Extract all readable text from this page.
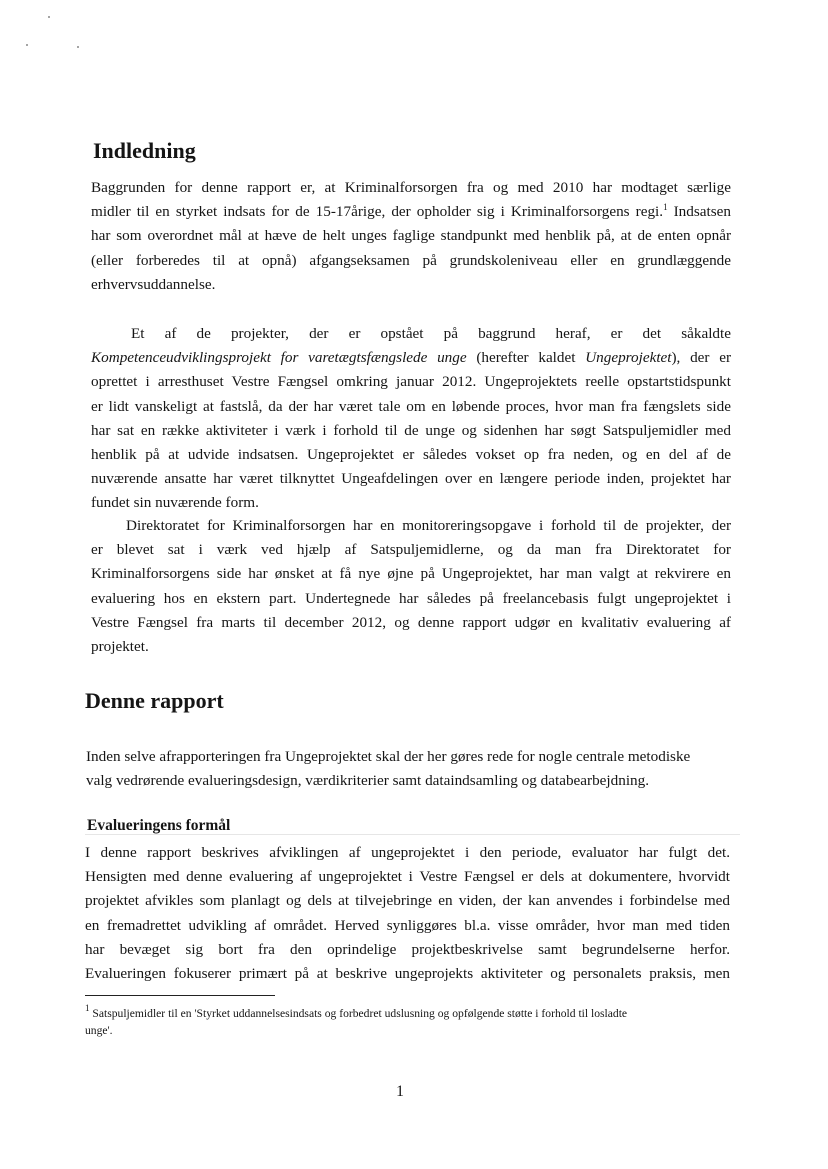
Indledning
Baggrunden for denne rapport er, at Kriminalforsorgen fra og med 2010 har modtaget særlige
midler til en styrket indsats for de 15-17årige, der opholder sig i Kriminalforsorgens regi.$^1$ Indsatsen
har som overordnet mål at hæve de helt unges faglige standpunkt med henblik på, at de enten opnår
(eller forberedes til at opnå) afgangseksamen på grundskoleniveau eller en grundlæggende
erhvervsuddannelse.
Et af de projekter, der er opstået på baggrund heraf, er det såkaldte
Kompetenceudviklingsprojekt for varetægtsfængslede unge (herefter kaldet Ungeprojektet), der er
oprettet i arresthuset Vestre Fængsel omkring januar 2012. Ungeprojektets reelle opstartstidspunkt
er lidt vanskeligt at fastslå, da der har været tale om en løbende proces, hvor man fra fængslets side
har sat en række aktiviteter i værk i forhold til de unge og sidenhen har søgt Satspuljemidler med
henblik på at udvide indsatsen. Ungeprojektet er således vokset op fra neden, og en del af de
nuværende ansatte har været tilknyttet Ungeafdelingen over en længere periode inden, projektet har
fundet sin nuværende form.
Direktoratet for Kriminalforsorgen har en monitoreringsopgave i forhold til de projekter, der
er blevet sat i værk ved hjælp af Satspuljemidlerne, og da man fra Direktoratet for
Kriminalforsorgens side har ønsket at få nye øjne på Ungeprojektet, har man valgt at rekvirere en
evaluering hos en ekstern part. Undertegnede har således på freelancebasis fulgt ungeprojektet i
Vestre Fængsel fra marts til december 2012, og denne rapport udgør en kvalitativ evaluering af
projektet.
Denne rapport
Inden selve afrapporteringen fra Ungeprojektet skal der her gøres rede for nogle centrale metodiske
valg vedrørende evalueringsdesign, værdikriterier samt dataindsamling og databearbejdning.
Evalueringens formål
I denne rapport beskrives afviklingen af ungeprojektet i den periode, evaluator har fulgt det.
Hensigten med denne evaluering af ungeprojektet i Vestre Fængsel er dels at dokumentere, hvorvidt
projektet afvikles som planlagt og dels at tilvejebringe en viden, der kan anvendes i forbindelse med
en fremadrettet udvikling af området. Herved synliggøres bl.a. visse områder, hvor man med tiden
har bevæget sig bort fra den oprindelige projektbeskrivelse samt begrundelserne herfor.
Evalueringen fokuserer primært på at beskrive ungeprojekts aktiviteter og personalets praksis, men
$^1$ Satspuljemidler til en 'Styrket uddannelsesindsats og forbedret udslusning og opfølgende støtte i forhold til losladte
unge'.
1
